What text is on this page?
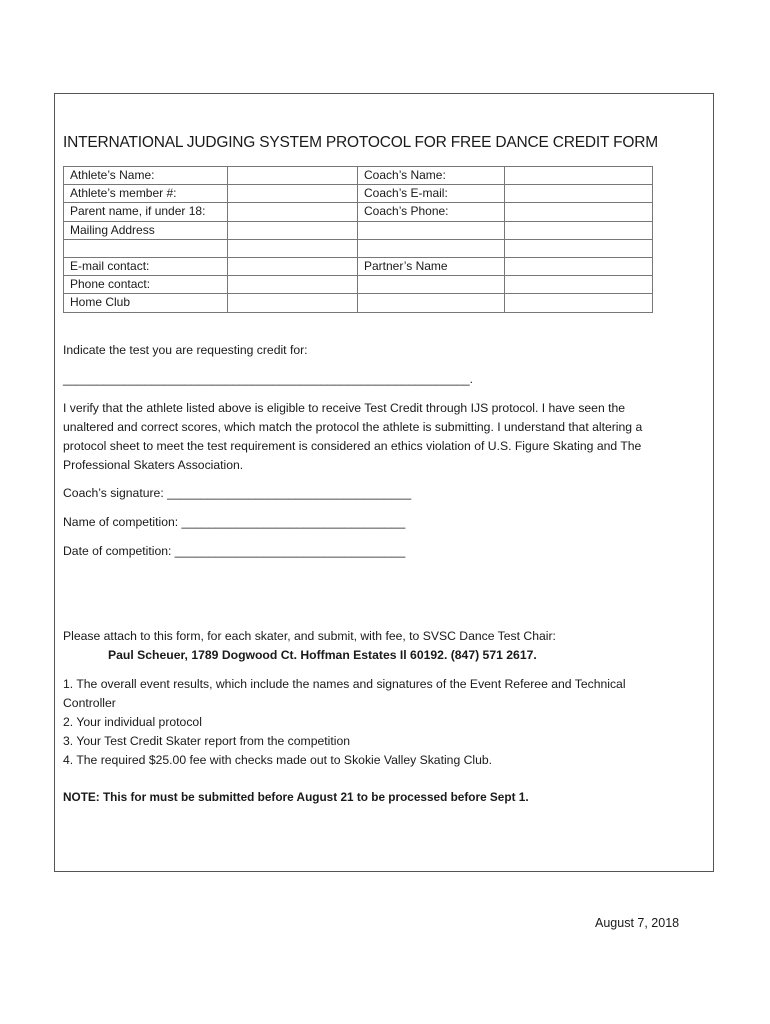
INTERNATIONAL JUDGING SYSTEM PROTOCOL FOR FREE DANCE CREDIT FORM
Athlete’s Name:		Coach’s Name:	
Athlete’s member #:		Coach’s E-mail:	
Parent name, if under 18:		Coach’s Phone:	
Mailing Address			

E-mail contact:		Partner’s Name	
Phone contact:			
Home Club			
Indicate the test you are requesting credit for:
____________________________________________________________.
I verify that the athlete listed above is eligible to receive Test Credit through IJS protocol. I have seen the
unaltered and correct scores, which match the protocol the athlete is submitting. I understand that altering a
protocol sheet to meet the test requirement is considered an ethics violation of U.S. Figure Skating and The
Professional Skaters Association.
Coach’s signature: ____________________________________
Name of competition: _________________________________
Date of competition: __________________________________
Please attach to this form, for each skater, and submit, with fee, to SVSC Dance Test Chair:
Paul Scheuer, 1789 Dogwood Ct. Hoffman Estates Il 60192. (847) 571 2617.
1. The overall event results, which include the names and signatures of the Event Referee and Technical
Controller
2. Your individual protocol
3. Your Test Credit Skater report from the competition
4. The required $25.00 fee with checks made out to Skokie Valley Skating Club.
NOTE: This for must be submitted before August 21 to be processed before Sept 1.
August 7, 2018
